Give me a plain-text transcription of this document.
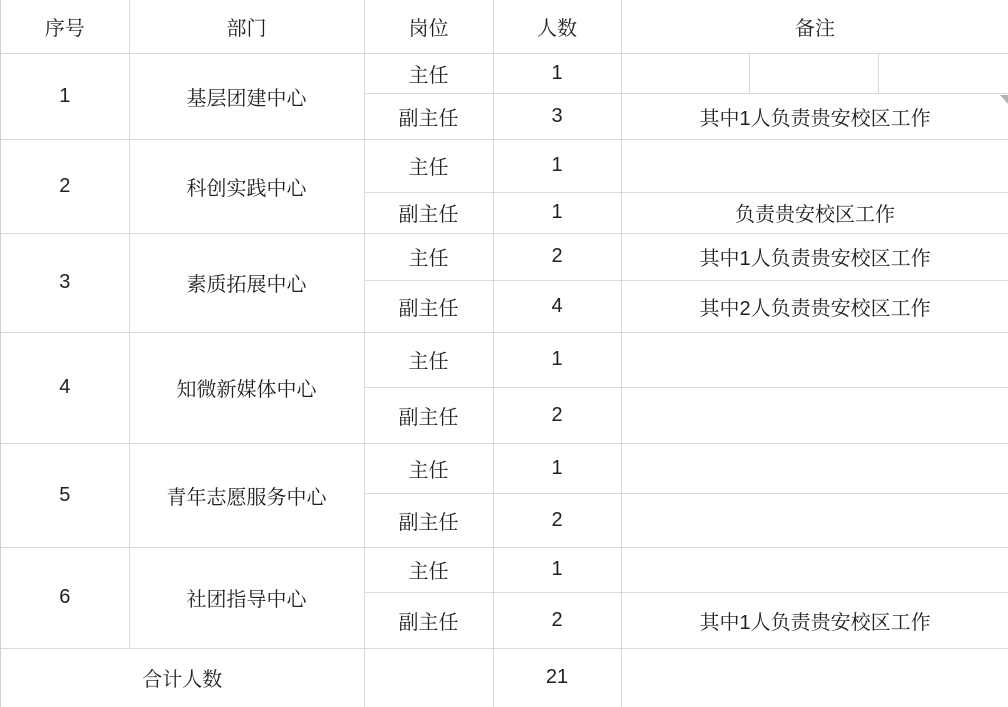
序号	部门	岗位	人数	备注		
1	基层团建中心	主任	1			
		副主任	3	其中1人负责贵安校区工作		

2	科创实践中心	主任	1			
		副主任	1	负责贵安校区工作		
3	素质拓展中心	主任	2	其中1人负责贵安校区工作		
		副主任	4	其中2人负责贵安校区工作		
4	知微新媒体中心	主任	1			
		副主任	2			
5	青年志愿服务中心	主任	1			
		副主任	2			
6	社团指导中心	主任	1			
		副主任	2	其中1人负责贵安校区工作		
合计人数			21			
